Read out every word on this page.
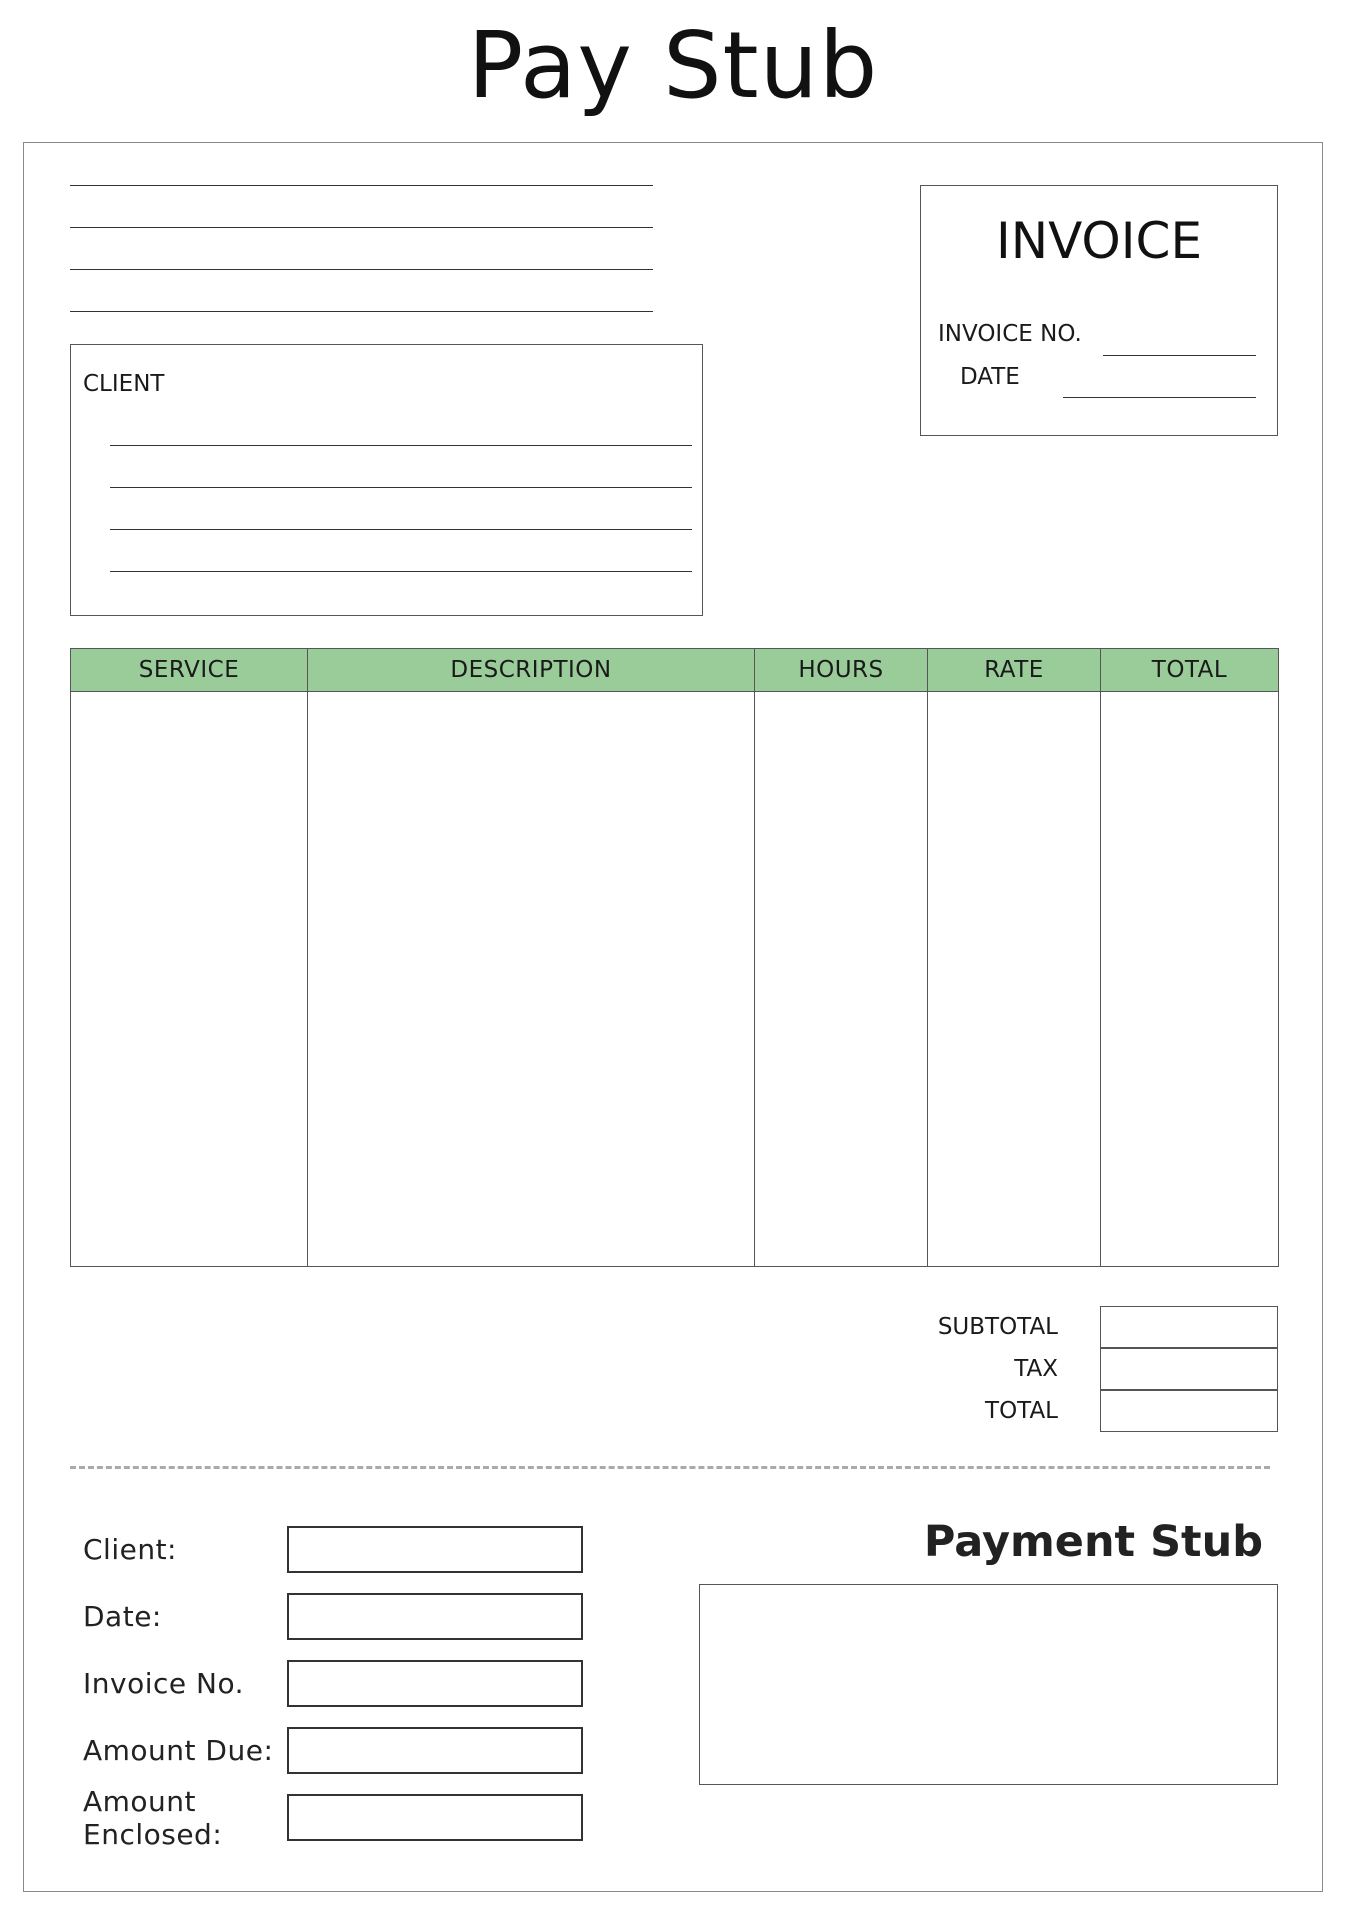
Pay Stub
INVOICE
INVOICE NO.
DATE
CLIENT
SERVICE	DESCRIPTION	HOURS	RATE	TOTAL

SUBTOTAL
TAX
TOTAL
Client:
Date:
Invoice No.
Amount Due:
Amount Enclosed:
Payment Stub
